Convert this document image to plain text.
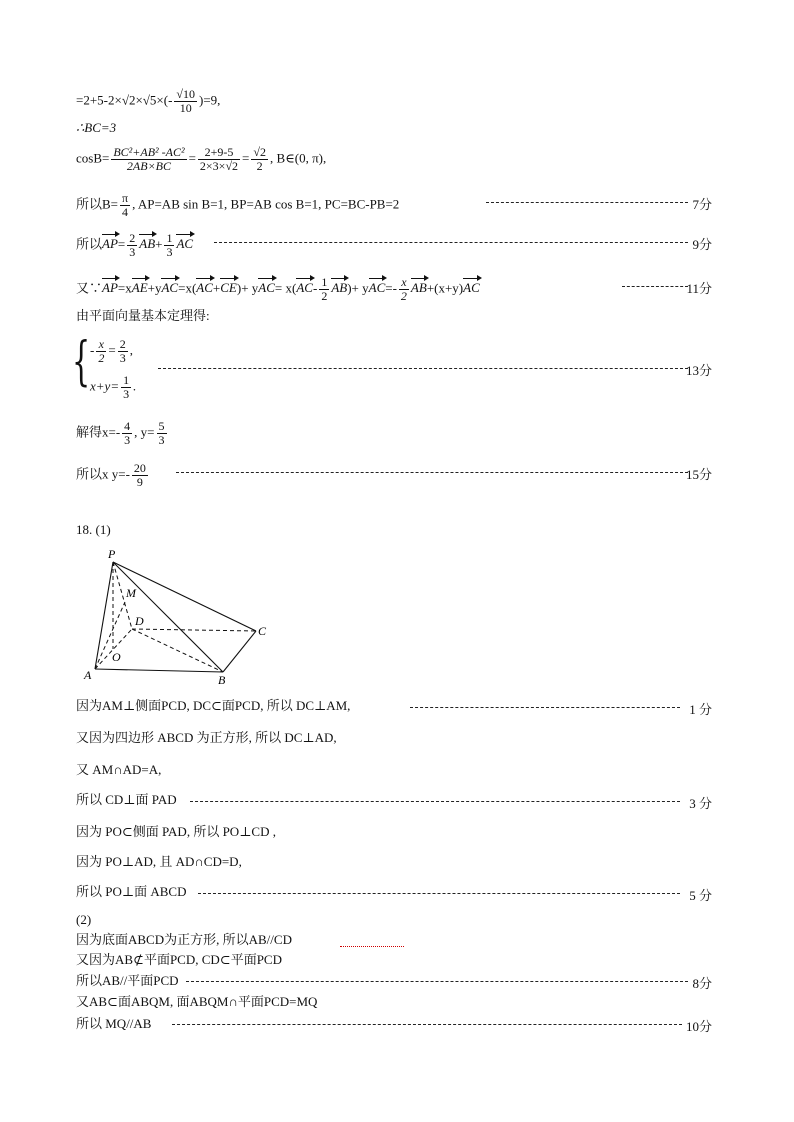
$=2+5-2\times√2\times√5\times(- \frac{√10}{10} )=9$,
∴BC=3
$\cos B= \frac{\text{BC²+AB² -AC²}}{2AB\times BC} = \frac{2+9-5}{2\times 3\times√2} = \frac{√2}{2}$ , B∈(0, π),
所以$B= \frac{\pi}{4}$ , AP=AB sin B=1, BP=AB cos B=1, PC=BC-PB=2	7分
所以$AP= \frac{2}{3} AB+ \frac{1}{3}$ AC	9分
又∵AP=xAE+yAC=x(AC+CE)+ $yAC= x(AC- \frac{1}{2} AB)+ yAC=- \frac{x}{2} AB+(x+y)AC$	11分
由平面向量基本定理得:
{ - $\frac{x}{2} = \frac{2}{3}$ ,
$x+y= \frac{1}{3}$ .
13分
解得$x=- \frac{4}{3}$ , $y= \frac{5}{3}$
所以x $y=- \frac{20}{9}$	15分
18. (1)
P
M
D
C
O
A	B
因为AM⊥侧面PCD, DC⊂面PCD, 所以 DC⊥AM,	1 分
又因为四边形 ABCD 为正方形, 所以 DC⊥AD,
又 AM∩AD=A,
所以 CD⊥面 PAD	3 分
因为 PO⊂侧面 PAD, 所以 PO⊥CD ,
因为 PO⊥AD, 且 AD∩CD=D,
所以 PO⊥面 ABCD	5 分
(2)
因为底面ABCD为正方形, 所以AB//CD
又因为AB⊄平面PCD, CD⊂平面PCD
所以AB//平面PCD	8分
又AB⊂面ABQM, 面ABQM∩平面PCD=MQ
所以 MQ//AB	10分
